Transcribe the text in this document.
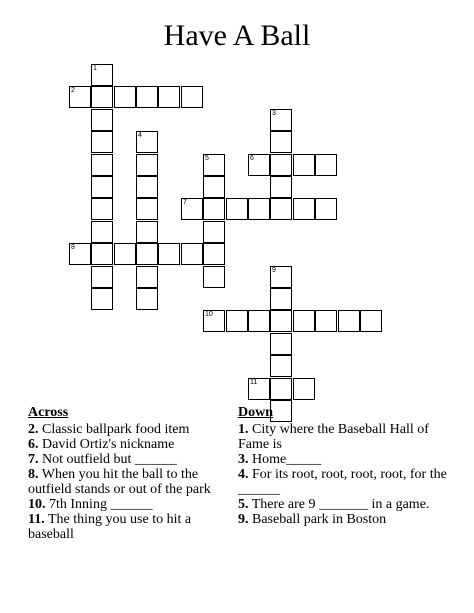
Have A Ball
1
2
3
4
5	6
7
8
9
10
11
Across
2. Classic ballpark food item
6. David Ortiz's nickname
7. Not outfield but ______
8. When you hit the ball to the outfield stands or out of the park
10. 7th Inning ______
11. The thing you use to hit a baseball
Down
1. City where the Baseball Hall of Fame is
3. Home_____
4. For its root, root, root, root, for the ______
5. There are 9 _______ in a game.
9. Baseball park in Boston
